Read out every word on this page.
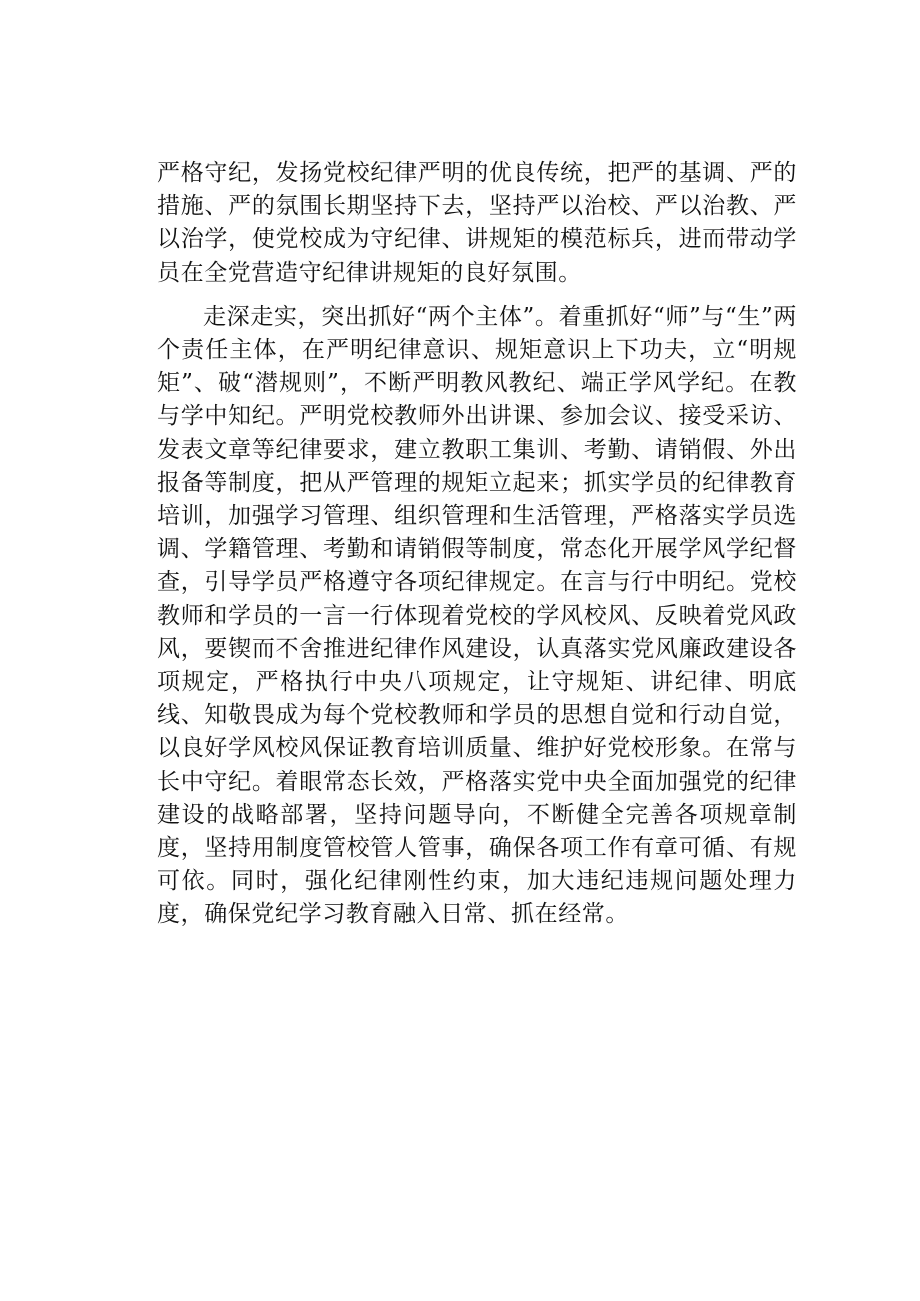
严格守纪，发扬党校纪律严明的优良传统，把严的基调、严的措施、严的氛围长期坚持下去，坚持严以治校、严以治教、严以治学，使党校成为守纪律、讲规矩的模范标兵，进而带动学员在全党营造守纪律讲规矩的良好氛围。

走深走实，突出抓好“两个主体”。着重抓好“师”与“生”两个责任主体，在严明纪律意识、规矩意识上下功夫，立“明规矩”、破“潜规则”，不断严明教风教纪、端正学风学纪。在教与学中知纪。严明党校教师外出讲课、参加会议、接受采访、发表文章等纪律要求，建立教职工集训、考勤、请销假、外出报备等制度，把从严管理的规矩立起来；抓实学员的纪律教育培训，加强学习管理、组织管理和生活管理，严格落实学员选调、学籍管理、考勤和请销假等制度，常态化开展学风学纪督查，引导学员严格遵守各项纪律规定。在言与行中明纪。党校教师和学员的一言一行体现着党校的学风校风、反映着党风政风，要锲而不舍推进纪律作风建设，认真落实党风廉政建设各项规定，严格执行中央八项规定，让守规矩、讲纪律、明底线、知敬畏成为每个党校教师和学员的思想自觉和行动自觉，以良好学风校风保证教育培训质量、维护好党校形象。在常与长中守纪。着眼常态长效，严格落实党中央全面加强党的纪律建设的战略部署，坚持问题导向，不断健全完善各项规章制度，坚持用制度管校管人管事，确保各项工作有章可循、有规可依。同时，强化纪律刚性约束，加大违纪违规问题处理力度，确保党纪学习教育融入日常、抓在经常。
